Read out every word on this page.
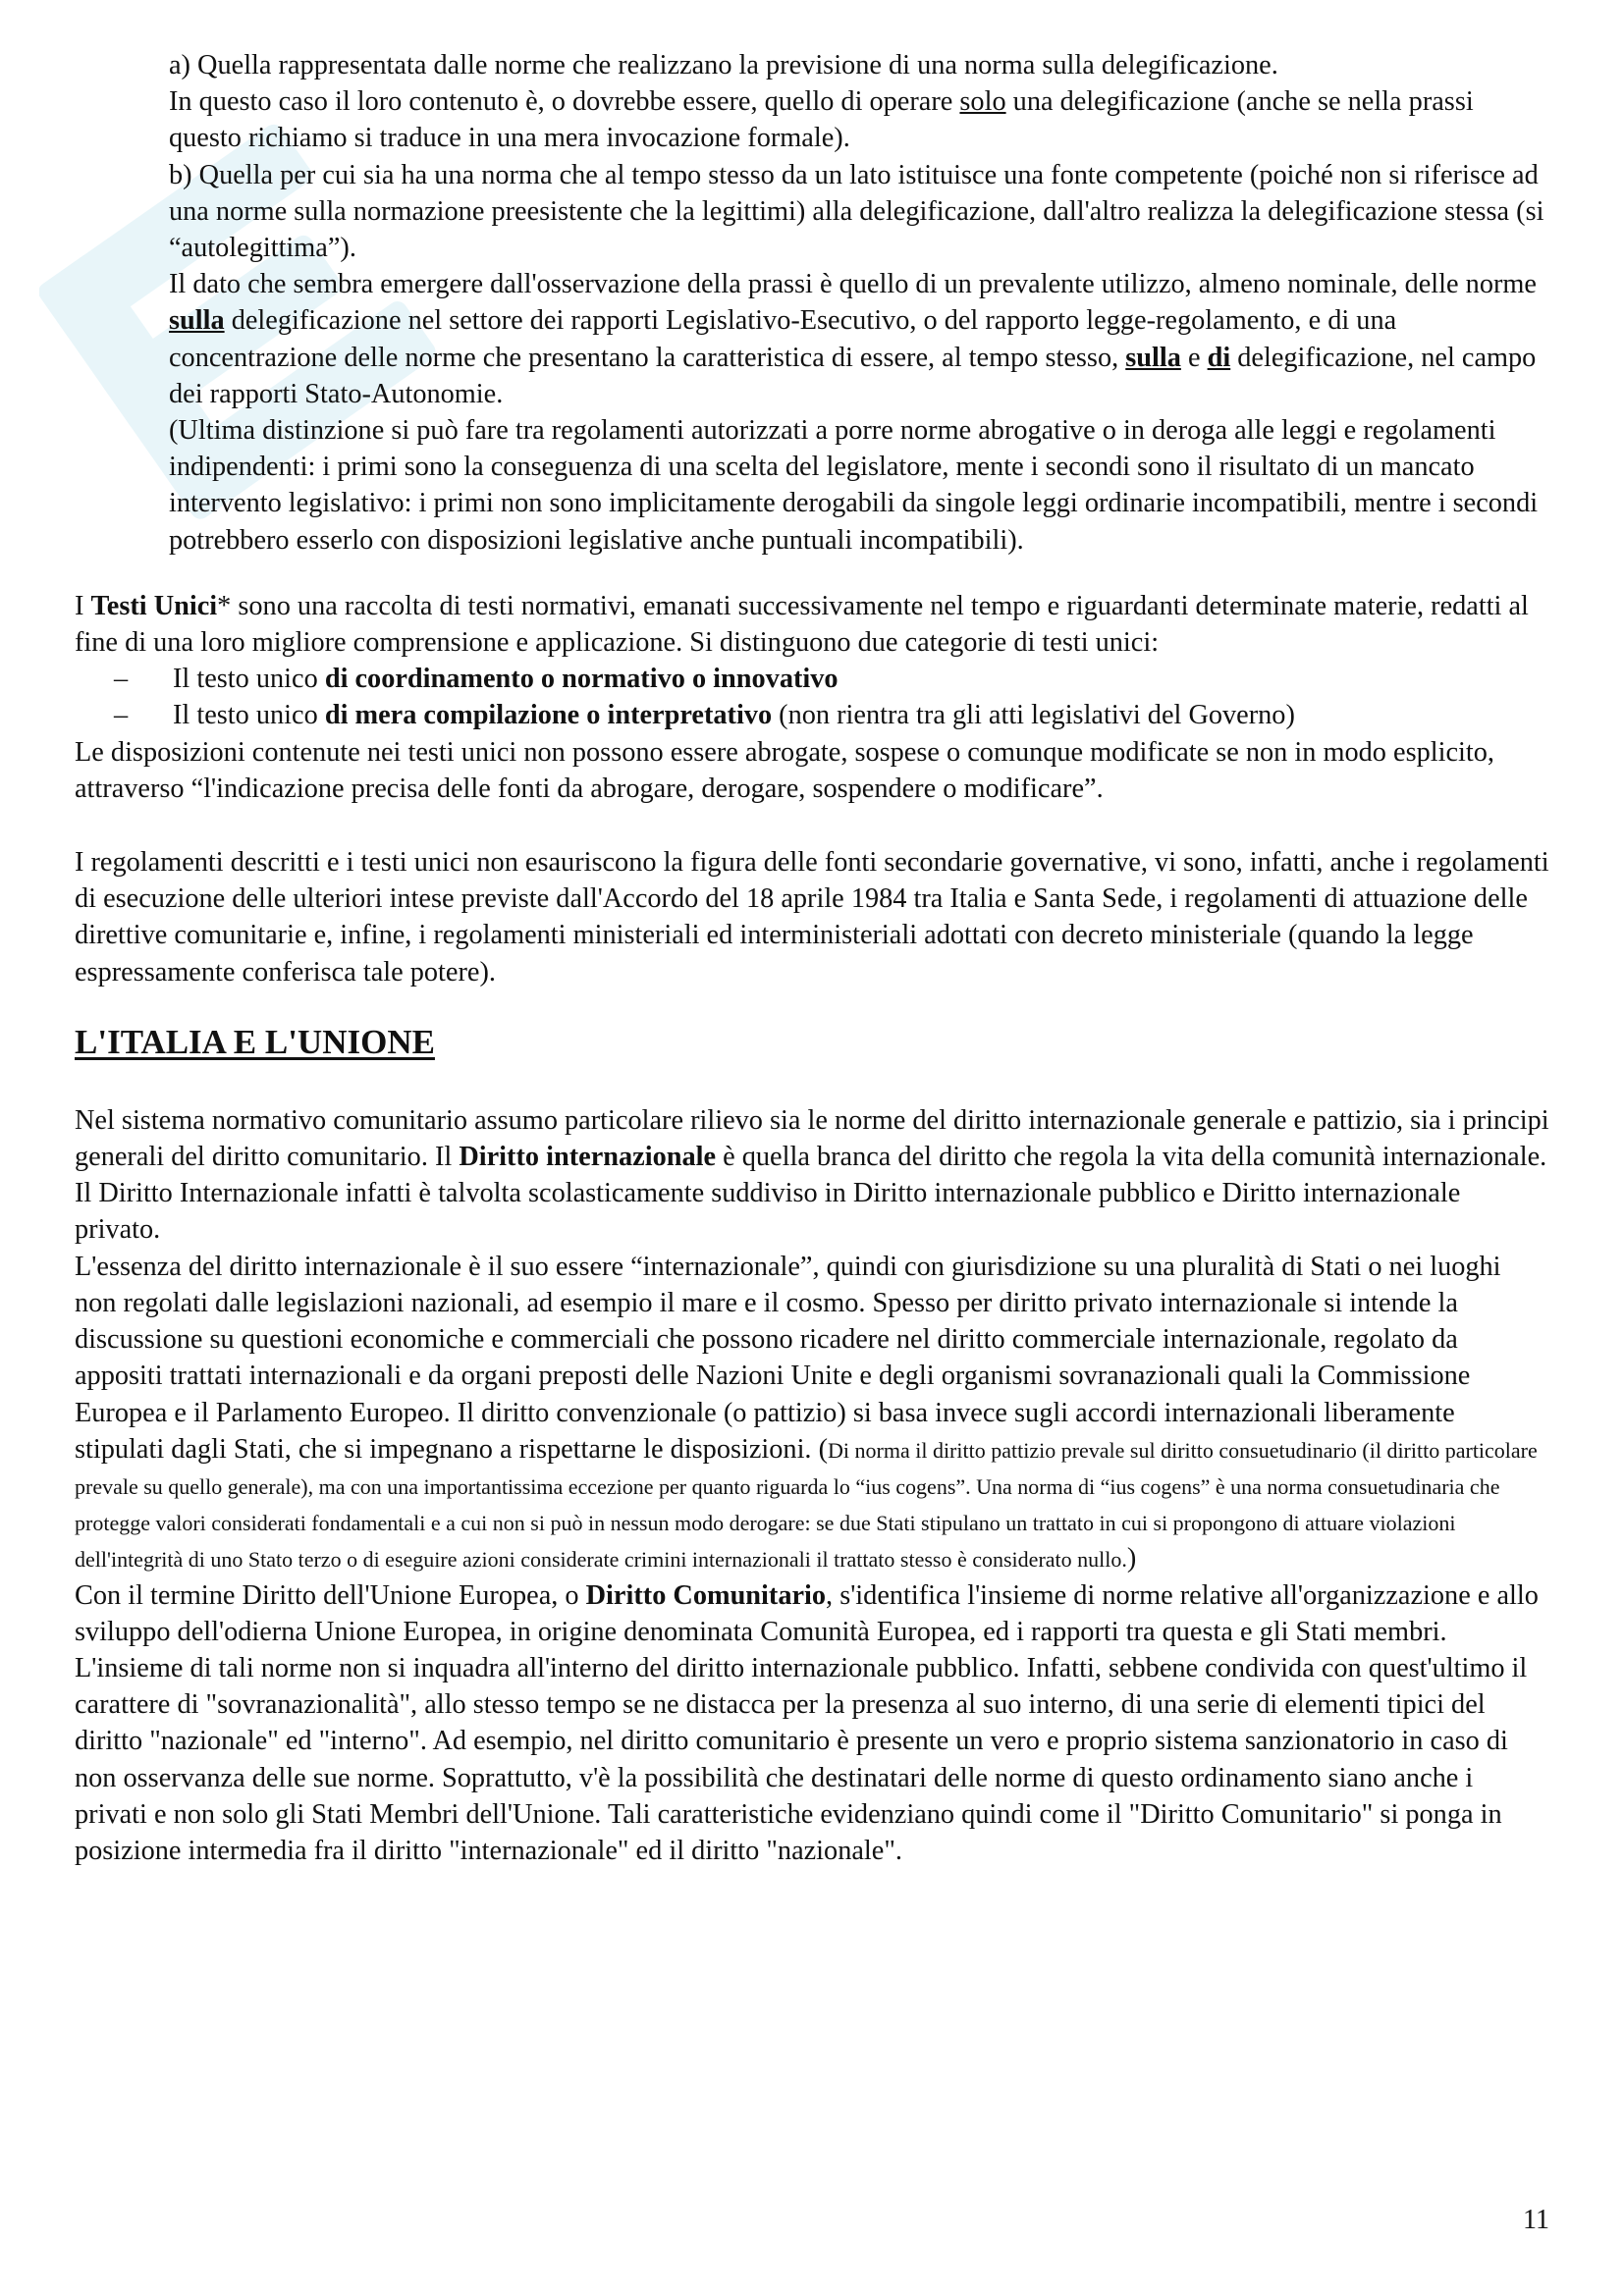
a) Quella rappresentata dalle norme che realizzano la previsione di una norma sulla delegificazione.

In questo caso il loro contenuto è, o dovrebbe essere, quello di operare solo una delegificazione (anche se nella prassi questo richiamo si traduce in una mera invocazione formale).

b) Quella per cui sia ha una norma che al tempo stesso da un lato istituisce una fonte competente (poiché non si riferisce ad una norme sulla normazione preesistente che la legittimi) alla delegificazione, dall'altro realizza la delegificazione stessa (si “autolegittima”).

Il dato che sembra emergere dall'osservazione della prassi è quello di un prevalente utilizzo, almeno nominale, delle norme sulla delegificazione nel settore dei rapporti Legislativo-Esecutivo, o del rapporto legge-regolamento, e di una concentrazione delle norme che presentano la caratteristica di essere, al tempo stesso, sulla e di delegificazione, nel campo dei rapporti Stato-Autonomie.

(Ultima distinzione si può fare tra regolamenti autorizzati a porre norme abrogative o in deroga alle leggi e regolamenti indipendenti: i primi sono la conseguenza di una scelta del legislatore, mente i secondi sono il risultato di un mancato intervento legislativo: i primi non sono implicitamente derogabili da singole leggi ordinarie incompatibili, mentre i secondi potrebbero esserlo con disposizioni legislative anche puntuali incompatibili).

I Testi Unici* sono una raccolta di testi normativi, emanati successivamente nel tempo e riguardanti determinate materie, redatti al fine di una loro migliore comprensione e applicazione. Si distinguono due categorie di testi unici:

– Il testo unico di coordinamento o normativo o innovativo
– Il testo unico di mera compilazione o interpretativo (non rientra tra gli atti legislativi del Governo)

Le disposizioni contenute nei testi unici non possono essere abrogate, sospese o comunque modificate se non in modo esplicito, attraverso “l'indicazione precisa delle fonti da abrogare, derogare, sospendere o modificare”.

I regolamenti descritti e i testi unici non esauriscono la figura delle fonti secondarie governative, vi sono, infatti, anche i regolamenti di esecuzione delle ulteriori intese previste dall'Accordo del 18 aprile 1984 tra Italia e Santa Sede, i regolamenti di attuazione delle direttive comunitarie e, infine, i regolamenti ministeriali ed interministeriali adottati con decreto ministeriale (quando la legge espressamente conferisca tale potere).

L'ITALIA E L'UNIONE

Nel sistema normativo comunitario assumo particolare rilievo sia le norme del diritto internazionale generale e pattizio, sia i principi generali del diritto comunitario. Il Diritto internazionale è quella branca del diritto che regola la vita della comunità internazionale. Il Diritto Internazionale infatti è talvolta scolasticamente suddiviso in Diritto internazionale pubblico e Diritto internazionale privato.

L'essenza del diritto internazionale è il suo essere “internazionale”, quindi con giurisdizione su una pluralità di Stati o nei luoghi non regolati dalle legislazioni nazionali, ad esempio il mare e il cosmo. Spesso per diritto privato internazionale si intende la discussione su questioni economiche e commerciali che possono ricadere nel diritto commerciale internazionale, regolato da appositi trattati internazionali e da organi preposti delle Nazioni Unite e degli organismi sovranazionali quali la Commissione Europea e il Parlamento Europeo. Il diritto convenzionale (o pattizio) si basa invece sugli accordi internazionali liberamente stipulati dagli Stati, che si impegnano a rispettarne le disposizioni. (Di norma il diritto pattizio prevale sul diritto consuetudinario (il diritto particolare prevale su quello generale), ma con una importantissima eccezione per quanto riguarda lo “ius cogens”. Una norma di “ius cogens” è una norma consuetudinaria che protegge valori considerati fondamentali e a cui non si può in nessun modo derogare: se due Stati stipulano un trattato in cui si propongono di attuare violazioni dell'integrità di uno Stato terzo o di eseguire azioni considerate crimini internazionali il trattato stesso è considerato nullo.)

Con il termine Diritto dell'Unione Europea, o Diritto Comunitario, s'identifica l'insieme di norme relative all'organizzazione e allo sviluppo dell'odierna Unione Europea, in origine denominata Comunità Europea, ed i rapporti tra questa e gli Stati membri. L'insieme di tali norme non si inquadra all'interno del diritto internazionale pubblico. Infatti, sebbene condivida con quest'ultimo il carattere di "sovranazionalità", allo stesso tempo se ne distacca per la presenza al suo interno, di una serie di elementi tipici del diritto "nazionale" ed "interno". Ad esempio, nel diritto comunitario è presente un vero e proprio sistema sanzionatorio in caso di non osservanza delle sue norme. Soprattutto, v'è la possibilità che destinatari delle norme di questo ordinamento siano anche i privati e non solo gli Stati Membri dell'Unione. Tali caratteristiche evidenziano quindi come il "Diritto Comunitario" si ponga in posizione intermedia fra il diritto "internazionale" ed il diritto "nazionale".

11
